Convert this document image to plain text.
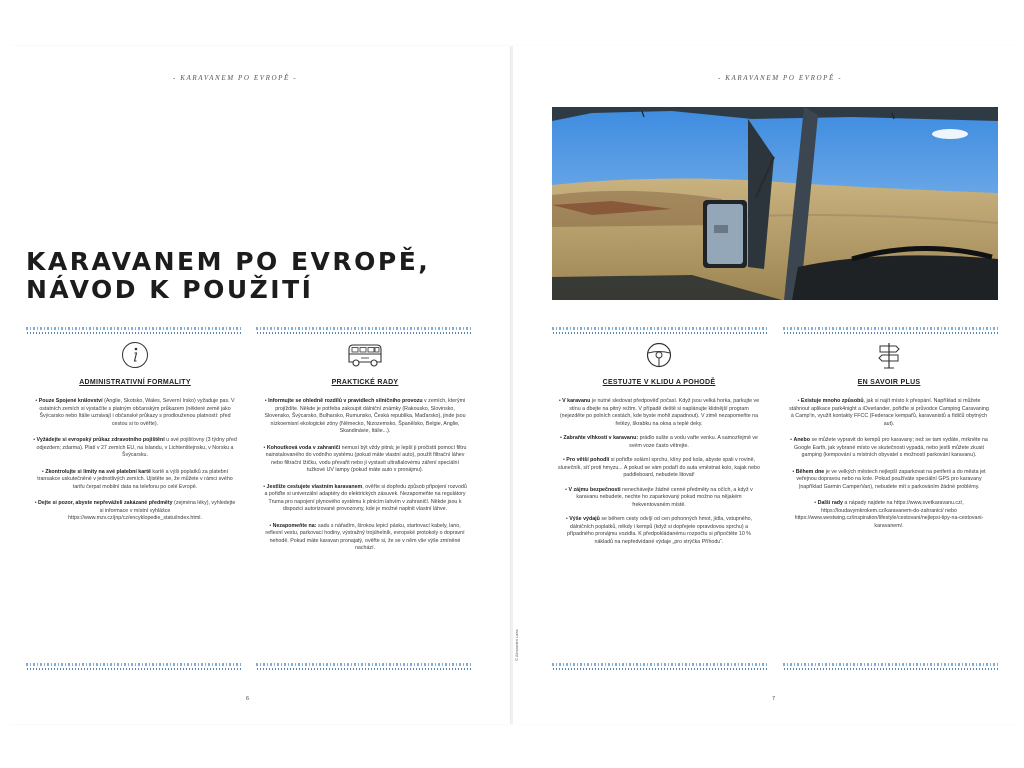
- KARAVANEM PO EVROPĚ -
KARAVANEM PO EVROPĚ,
NÁVOD K POUŽITÍ
ADMINISTRATIVNÍ FORMALITY

• Pouze Spojené království (Anglie, Skotsko, Wales, Severní Irsko) vyžaduje pas. V ostatních zemích si vystačíte s platným občanským průkazem (některé země jako Švýcarsko nebo Itálie uznávají i občanské průkazy s prodlouženou platností: před cestou si to ověřte).

• Vyžádejte si evropský průkaz zdravotního pojištění u své pojišťovny (3 týdny před odjezdem; zdarma). Platí v 27 zemích EU, na Islandu, v Lichtenštejnsku, v Norsku a Švýcarsku.

• Zkontrolujte si limity na své platební kartě kartě a výši poplatků za platební transakce uskutečněné v jednotlivých zemích. Ujistěte se, že můžete v rámci svého tarifu čerpat mobilní data na telefonu po celé Evropě.

• Dejte si pozor, abyste nepřeváželi zakázané předměty (zejména léky), vyhledejte si informace v místní vyhlášce https://www.mzv.cz/jnp/cz/encyklopedie_statu/index.html.

PRAKTICKÉ RADY

• Informujte se ohledně rozdílů v pravidlech silničního provozu v zemích, kterými projíždíte. Někde je potřeba zakoupit dálniční známky (Rakousko, Slovinsko, Slovensko, Švýcarsko, Bulharsko, Rumunsko, Česká republika, Maďarsko), jinde jsou nízkoemisní ekologické zóny (Německo, Nizozemsko, Španělsko, Belgie, Anglie, Skandinávie, Itálie...).

• Kohoutková voda v zahraničí nemusí být vždy pitná; je lepší ji pročistit pomocí filtru nainstalovaného do vodního systému (pokud máte vlastní auto), použít filtrační láhev nebo filtrační lžičku, vodu převařit nebo ji vystavit ultrafialovému záření speciální tužkové UV lampy (pokud máte auto v pronájmu).

• Jestliže cestujete vlastním karavanem, ověřte si dopředu způsob připojení rozvodů a pořiďte si univerzální adaptéry do elektrických zásuvek. Nezapomeňte na regulátory Truma pro napojení plynového systému k plnicím lahvím v zahraničí. Někde jsou k dispozici autorizované provozovny, kde je možné naplnit vlastní láhve.

• Nezapomeňte na: sadu s nářadím, širokou lepicí pásku, startovací kabely, lano, reflexní vestu, parkovací hodiny, výstražný trojúhelník, evropské protokoly o dopravní nehodě. Pokud máte karavan pronajatý, ověřte si, že se v něm vše výše zmíněné nachází.

6
- KARAVANEM PO EVROPĚ -
CESTUJTE V KLIDU A POHODĚ

• V karavanu je nutné sledovat předpověď počasí. Když jsou velká horka, parkujte ve stínu a dbejte na pitný režim. V případě deště si naplánujte klidnější program (nejezděte po polních cestách, kde byste mohli zapadnout). V zimě nezapomeňte na řetězy, škrabku na okna a teplé deky.

• Zabraňte vlhkosti v karavanu: prádlo sušte a vodu vařte venku. A samozřejmě ve svém voze často větrejte.

• Pro větší pohodlí si pořiďte solární sprchu, klíny pod kola, abyste spali v rovině, slunečník, síť proti hmyzu... A pokud se vám podaří do auta vměstnat kolo, kajak nebo paddleboard, nebudete litovat!

• V zájmu bezpečnosti nenechávejte žádné cenné předměty na očích, a když v karavanu nebudete, nechte ho zaparkovaný pokud možno na nějakém frekventovaném místě.

• Výše výdajů se během cesty odvíjí od cen pohonných hmot, jídla, vstupného, dálničních poplatků, někdy i kempů (když si dopřejete opravdovou sprchu) a případného pronájmu vozidla. K předpokládanému rozpočtu si připočtěte 10 % nákladů na nepředvídané výdaje „pro strýčka Příhodu“.

EN SAVOIR PLUS

• Existuje mnoho způsobů, jak si najít místo k přespání. Například si můžete stáhnout aplikace park4night a iOverlander, pořiďte si průvodce Camping Caravaning à Camp'in, využít kontakty FFCC (Federace kempařů, karavanistů a řidičů obytných aut).

• Anebo se můžete vypravit do kempů pro karavany; než se tam vydáte, mrkněte na Google Earth, jak vybrané místo ve skutečnosti vypadá, nebo jestli můžete zkusit gamping (kempování u místních obyvatel s možností parkování karavanu).

• Během dne je ve velkých městech nejlepší zaparkovat na periferii a do města jet veřejnou dopravou nebo na kole. Pokud používáte speciální GPS pro karavany (například Garmin CamperVan), nebudete mít s parkováním žádné problémy.

• Další rady a nápady najdete na https://www.svetkaravanu.cz/, https://loudavymkrokem.cz/karavanem-do-zahranici/ nebo https://www.westwing.cz/inspiration/lifestyle/cestovani/nejlepsi-tipy-na-cestovani-karavanem/.

© Alexandra Laas
7
